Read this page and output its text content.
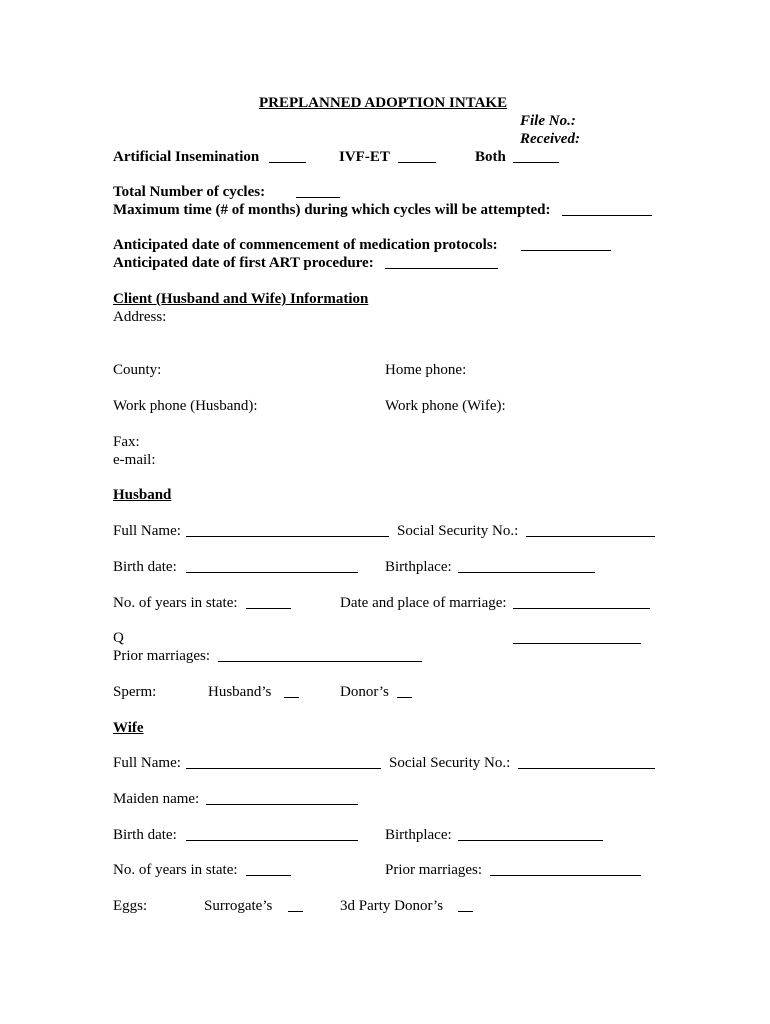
PREPLANNED ADOPTION INTAKE
File No.:
Received:
Artificial Insemination	IVF-ET	Both
Total Number of cycles:
Maximum time (# of months) during which cycles will be attempted:
Anticipated date of commencement of medication protocols:
Anticipated date of first ART procedure:
Client (Husband and Wife) Information
Address:
County:	Home phone:
Work phone (Husband):	Work phone (Wife):
Fax:
e-mail:
Husband
Full Name:	Social Security No.:
Birth date:	Birthplace:
No. of years in state:	Date and place of marriage:
Q
Prior marriages:
Sperm:	Husband’s	Donor’s
Wife
Full Name:	Social Security No.:
Maiden name:
Birth date:	Birthplace:
No. of years in state:	Prior marriages:
Eggs:	Surrogate’s	3d Party Donor’s
